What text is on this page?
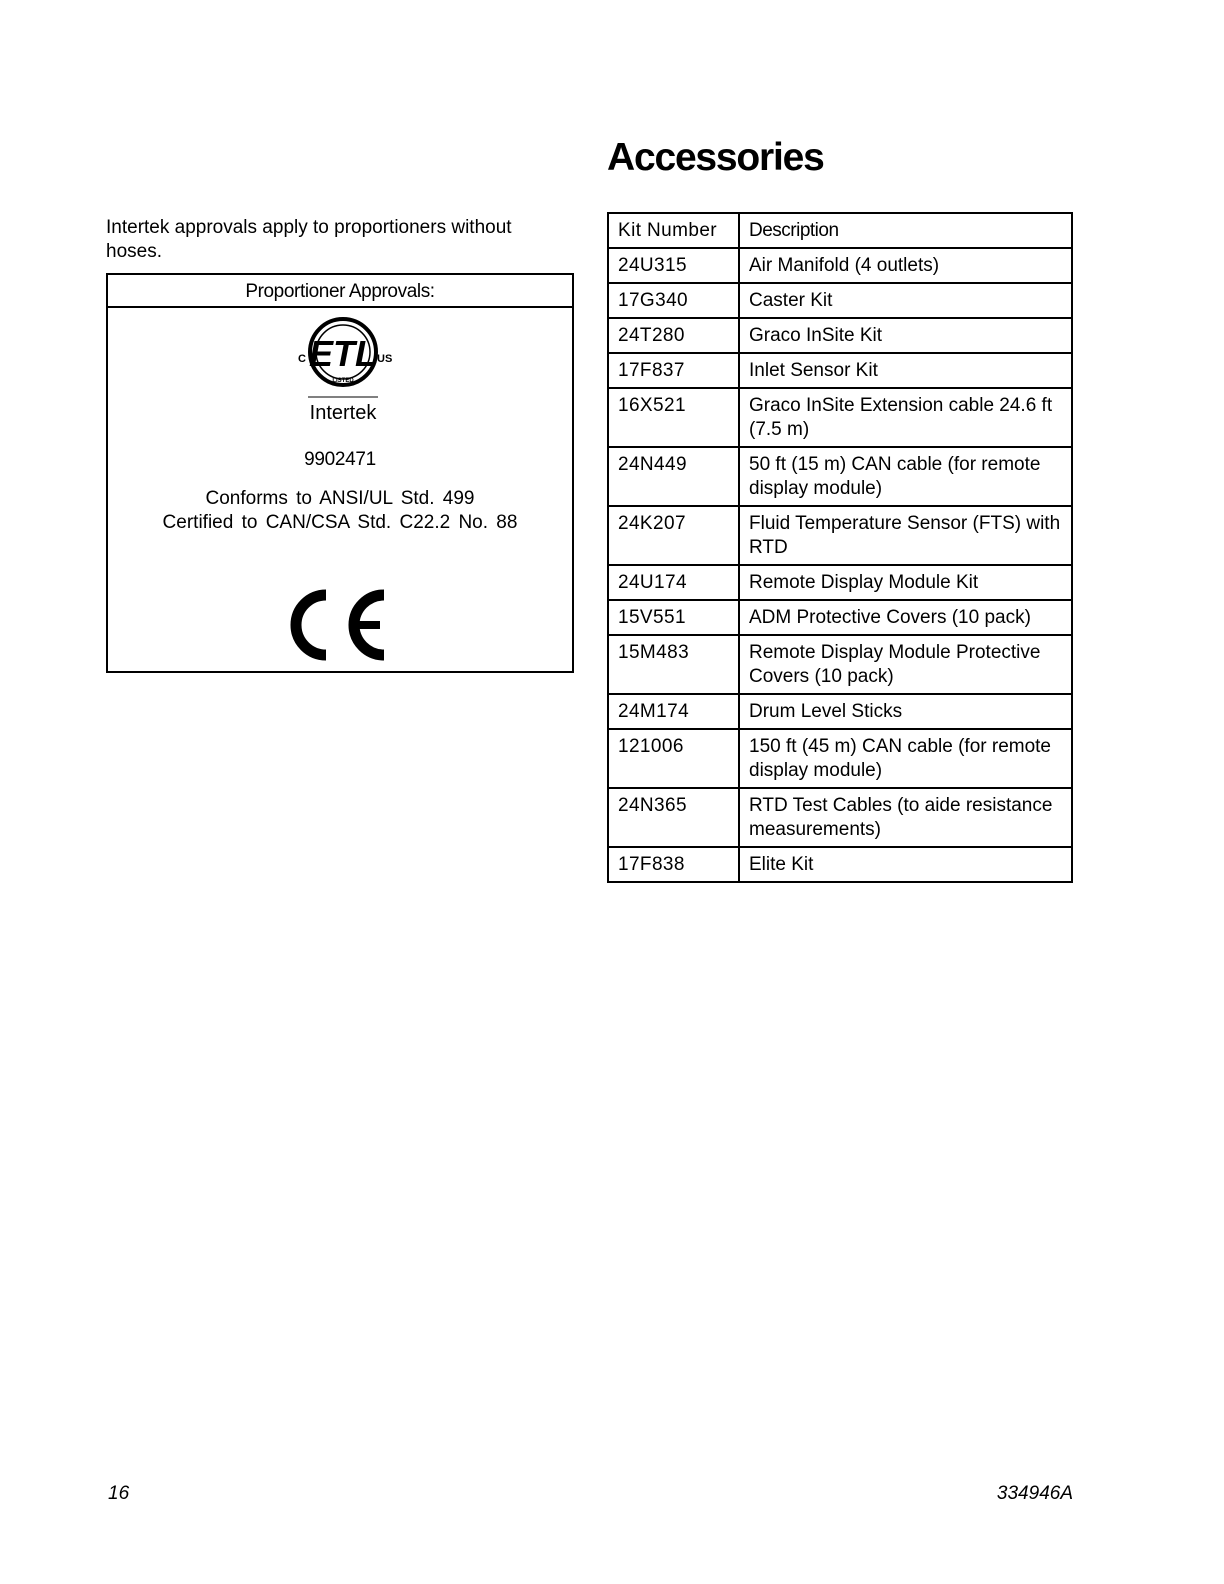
Intertek approvals apply to proportioners without hoses.
Proportioner Approvals:
ETL
C	US
LISTED
Intertek
9902471
Conforms to ANSI/UL Std. 499
Certified to CAN/CSA Std. C22.2 No. 88
Accessories
Kit Number	Description
24U315	Air Manifold (4 outlets)
17G340	Caster Kit
24T280	Graco InSite Kit
17F837	Inlet Sensor Kit
16X521	Graco InSite Extension cable 24.6 ft (7.5 m)
24N449	50 ft (15 m) CAN cable (for remote display module)
24K207	Fluid Temperature Sensor (FTS) with RTD
24U174	Remote Display Module Kit
15V551	ADM Protective Covers (10 pack)
15M483	Remote Display Module Protective Covers (10 pack)
24M174	Drum Level Sticks
121006	150 ft (45 m) CAN cable (for remote display module)
24N365	RTD Test Cables (to aide resistance measurements)
17F838	Elite Kit
16	334946A
